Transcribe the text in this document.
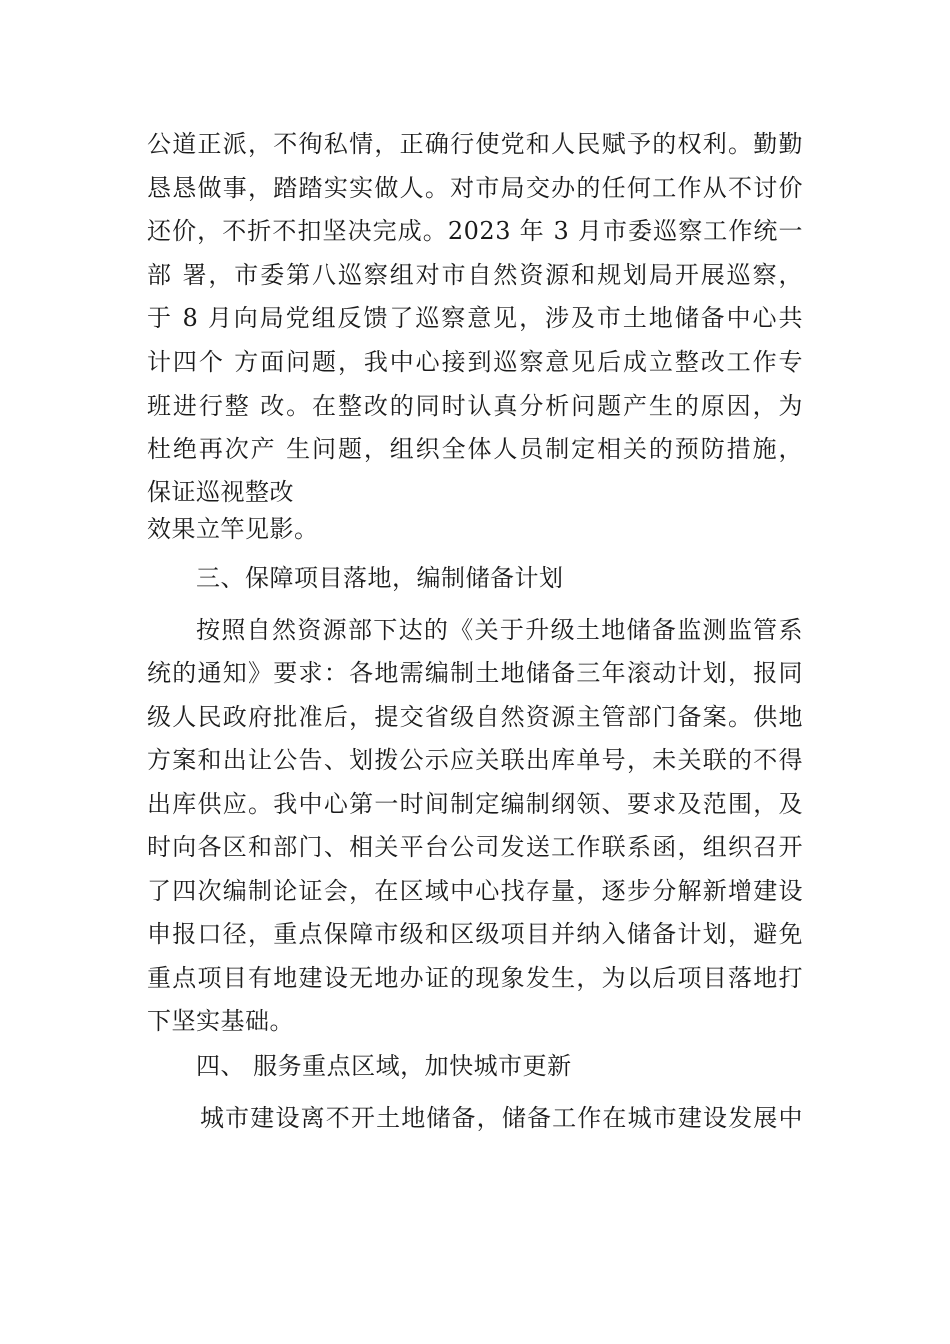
公道正派，不徇私情，正确行使党和人民赋予的权利。勤勤
恳恳做事，踏踏实实做人。对市局交办的任何工作从不讨价
还价，不折不扣坚决完成。2023 年 3 月市委巡察工作统一
部 署，市委第八巡察组对市自然资源和规划局开展巡察，
于 8 月向局党组反馈了巡察意见，涉及市土地储备中心共
计四个 方面问题，我中心接到巡察意见后成立整改工作专
班进行整 改。在整改的同时认真分析问题产生的原因，为
杜绝再次产 生问题，组织全体人员制定相关的预防措施，
保证巡视整改
效果立竿见影。
三、保障项目落地，编制储备计划
按照自然资源部下达的《关于升级土地储备监测监管系
统的通知》要求：各地需编制土地储备三年滚动计划，报同
级人民政府批准后，提交省级自然资源主管部门备案。供地
方案和出让公告、划拨公示应关联出库单号，未关联的不得
出库供应。我中心第一时间制定编制纲领、要求及范围，及
时向各区和部门、相关平台公司发送工作联系函，组织召开
了四次编制论证会，在区域中心找存量，逐步分解新增建设
申报口径，重点保障市级和区级项目并纳入储备计划，避免
重点项目有地建设无地办证的现象发生，为以后项目落地打
下坚实基础。
四、 服务重点区域，加快城市更新
城市建设离不开土地储备，储备工作在城市建设发展中
